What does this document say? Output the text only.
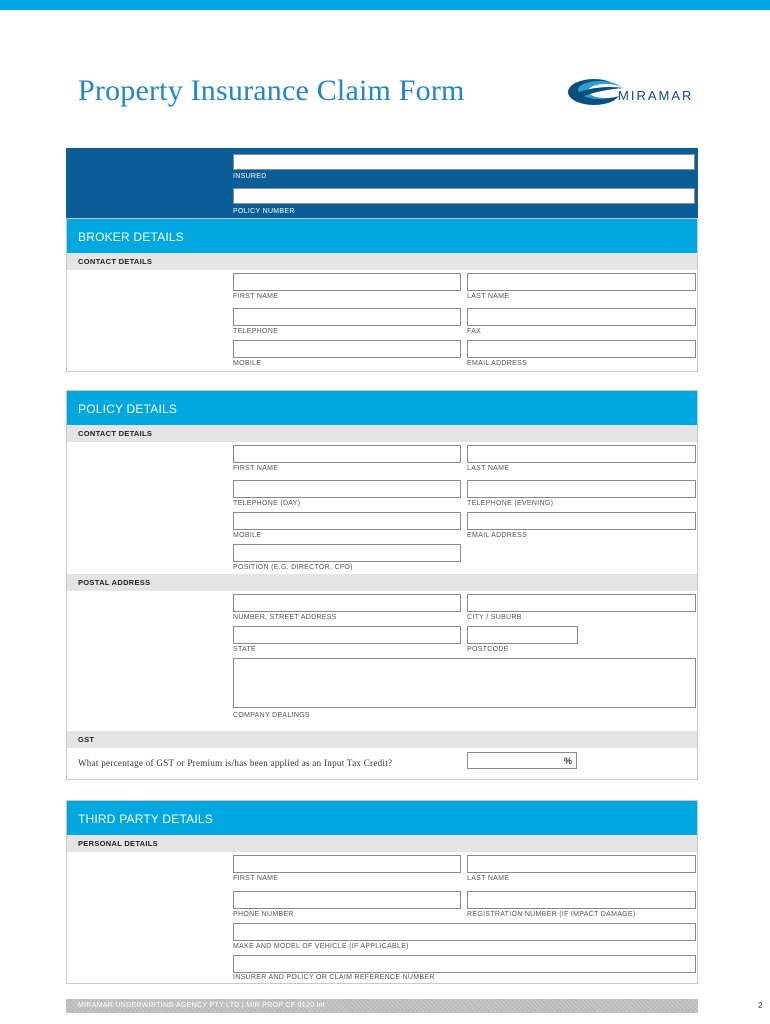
Property Insurance Claim Form	MIRAMAR
INSURED
POLICY NUMBER
BROKER DETAILS
CONTACT DETAILS
FIRST NAME	LAST NAME
TELEPHONE	FAX
MOBILE	EMAIL ADDRESS
POLICY DETAILS
CONTACT DETAILS
FIRST NAME	LAST NAME
TELEPHONE (DAY)	TELEPHONE (EVENING)
MOBILE	EMAIL ADDRESS
POSITION (E.G. DIRECTOR, CFO)
POSTAL ADDRESS
NUMBER, STREET ADDRESS	CITY / SUBURB
STATE	POSTCODE
COMPANY DEALINGS
GST
What percentage of GST or Premium is/has been applied as an Input Tax Credit?	%
THIRD PARTY DETAILS
PERSONAL DETAILS
FIRST NAME	LAST NAME
PHONE NUMBER	REGISTRATION NUMBER (IF IMPACT DAMAGE)
MAKE AND MODEL OF VEHICLE (IF APPLICABLE)
INSURER AND POLICY OR CLAIM REFERENCE NUMBER
MIRAMAR UNDERWRITING AGENCY PTY LTD | MIR PROP CF 0120 int	2
